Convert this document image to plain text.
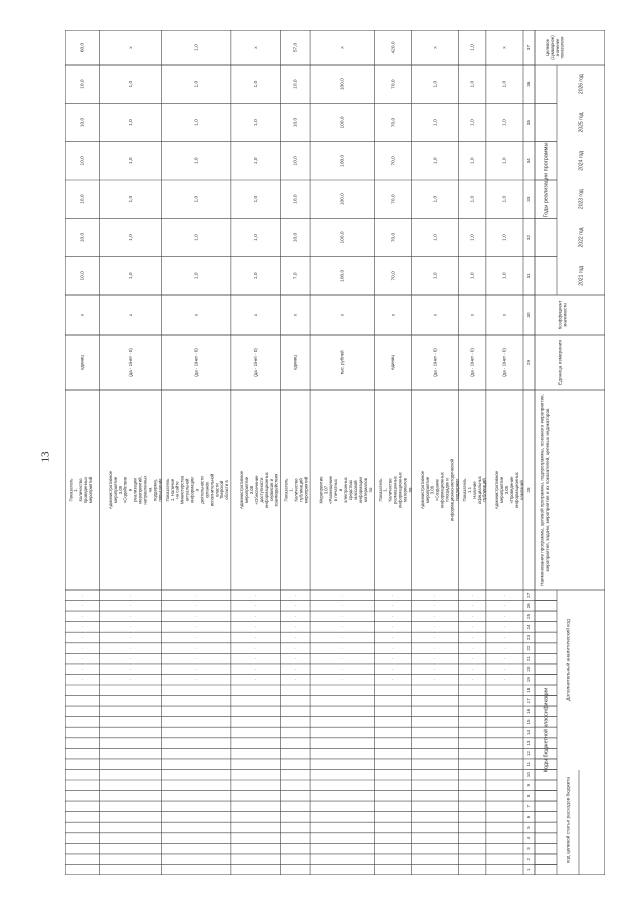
13
Коды бюджетной классификации
код целевой статьи расходов бюджета
Дополнительный аналитический код
Годы реализации программы
Наименование программы, целевой программы, подпрограммы, основного мероприятия, мероприятия, задачи, мероприятия и их показателей, целевых индикаторов
Единица измерения
Коэффициент значимости
Целевое (суммарное) значение показателя
2021 год
2022 год
2023 год
2024 год
2025 год
2026 год
1
2
3
4
5
6
7
8
9
10
11
12
13
14
15
16
17
18
19
20
21
22
23
24
25
26
27
28
29
30
31
32
33
34
35
36
37
·
·
·
·
·
·
·
·
·
Административное мероприятие 3.05 «Проведение информационных кампаний
(да - 1/нет - 0)
х
1,0
1,0
1,0
1,0
1,0
1,0
х
·
·
·
·
·
·
·
·
·
Показатель 1.1 Наличие официальных публикаций
(да - 1/нет - 0)
х
1,0
1,0
1,0
1,0
1,0
1,0
1,0
·
·
·
·
·
·
·
·
·
Административное мероприятие 3.06 «Создание информационных площадок и информационно-методической поддержки
(да - 1/нет - 0)
х
1,0
1,0
1,0
1,0
1,0
1,0
х
·
·
·
·
·
·
·
·
·
Показатель 1. Количество размещенных информационных материалов по
единиц
х
70,0
70,0
70,0
70,0
70,0
70,0
420,0
·
·
·
·
·
·
·
·
·
Мероприятие 3.07 «Размещение в печатных и электронных средствах массовой информации материалов по
тыс. рублей
х
100,0
100,0
100,0
100,0
100,0
100,0
х
·
·
·
·
·
·
·
·
·
Показатель 1. Количество публикаций мероприятий
единиц
х
7,0
10,0
10,0
10,0
10,0
10,0
57,0
·
·
·
·
·
·
·
·
·
Административное мероприятие 3.08 «Обеспечение доступности информационных сервисов и взаимодействия
(да - 1/нет - 0)
х
1,0
1,0
1,0
1,0
1,0
1,0
х
·
·
·
·
·
·
·
·
·
Показатель 1. Наличие на сайте Министерства актуальной информации о деятельности органов исполнительной власти Тверской области в
(да - 1/нет - 0)
х
1,0
1,0
1,0
1,0
1,0
1,0
1,0
·
·
·
·
·
·
·
·
·
Административное мероприятие 3.09 «Содействие в реализации мероприятий, направленных на поддержку, повышение
(да - 1/нет - 0)
х
1,0
1,0
1,0
1,0
1,0
1,0
х
·
·
·
·
·
·
·
·
·
Показатель 1. Количество проведенных мероприятий
единиц
х
10,0
10,0
10,0
10,0
10,0
10,0
60,0
